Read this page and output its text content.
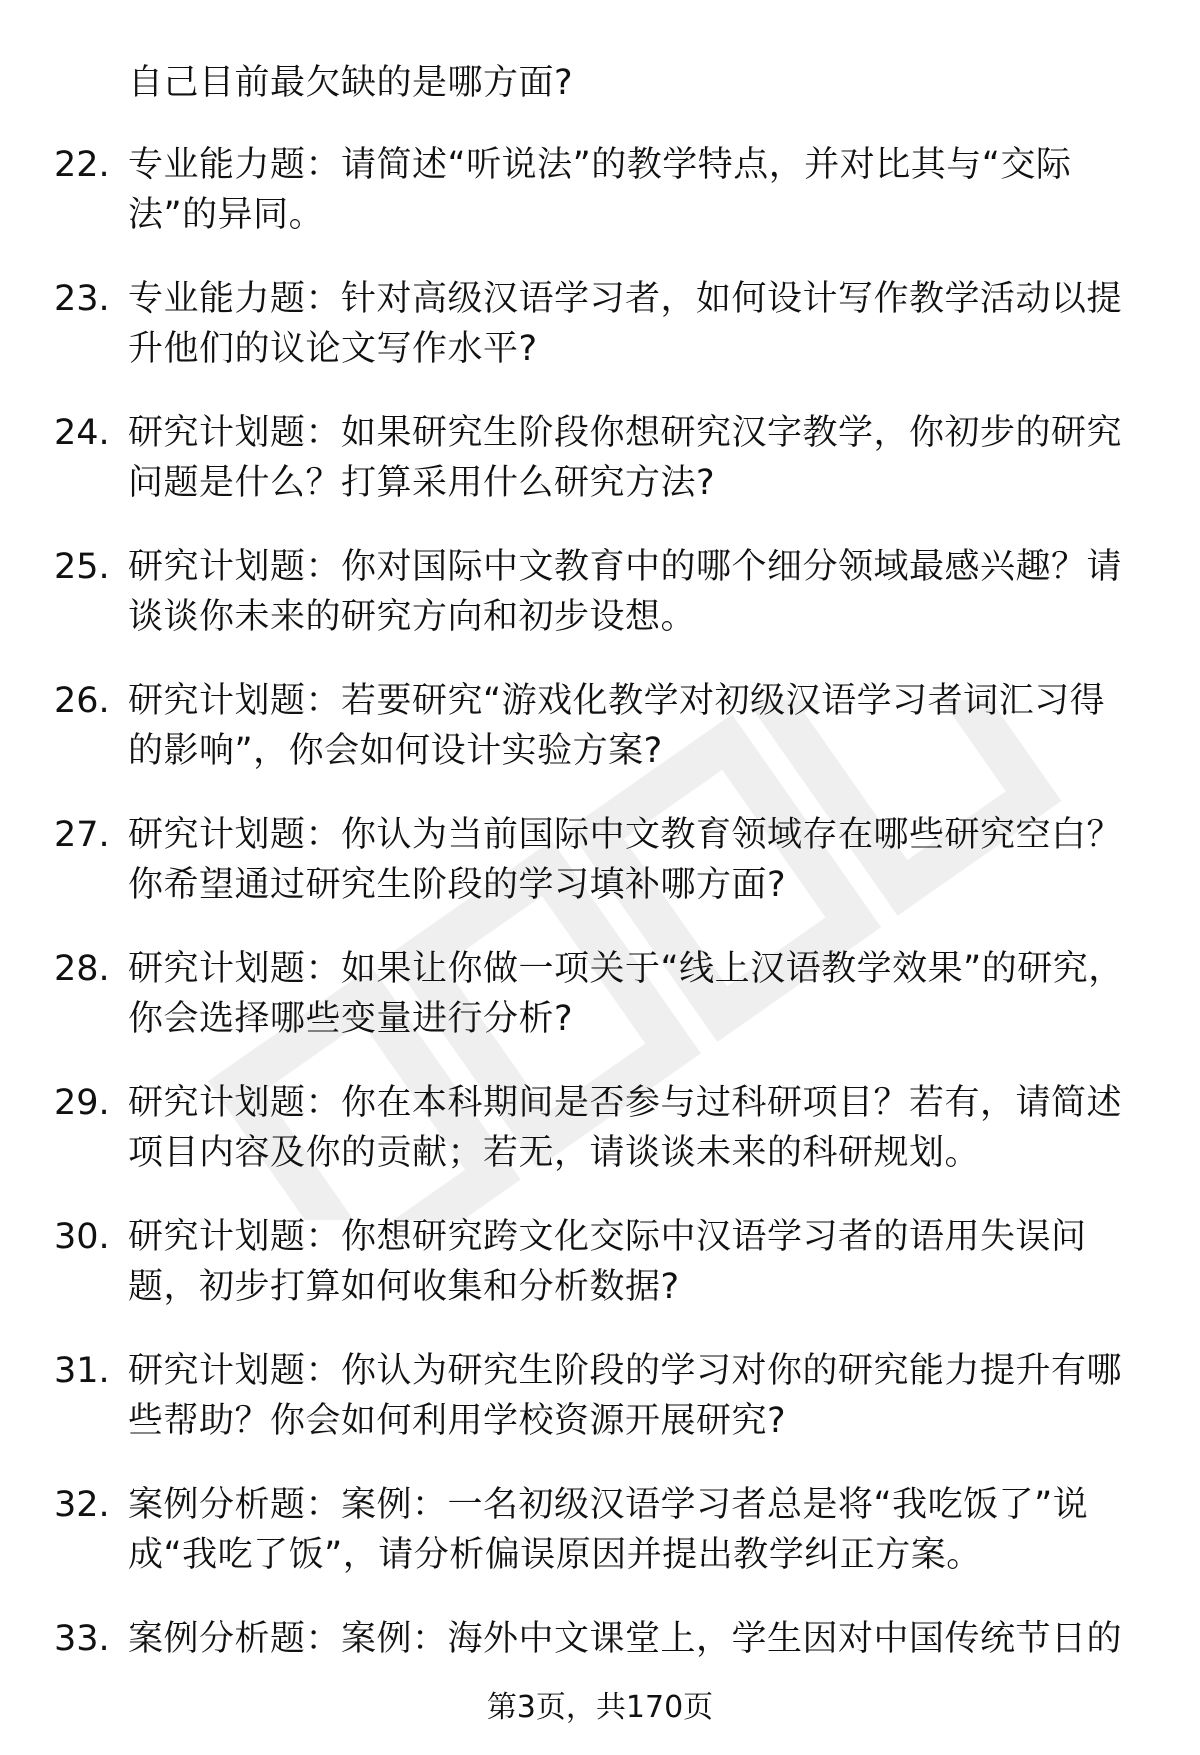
自己目前最欠缺的是哪方面?
22. 专业能力题：请简述“听说法”的教学特点，并对比其与“交际法”的异同。
23. 专业能力题：针对高级汉语学习者，如何设计写作教学活动以提升他们的议论文写作水平?
24. 研究计划题：如果研究生阶段你想研究汉字教学，你初步的研究问题是什么？打算采用什么研究方法?
25. 研究计划题：你对国际中文教育中的哪个细分领域最感兴趣？请谈谈你未来的研究方向和初步设想。
26. 研究计划题：若要研究“游戏化教学对初级汉语学习者词汇习得的影响”，你会如何设计实验方案?
27. 研究计划题：你认为当前国际中文教育领域存在哪些研究空白？你希望通过研究生阶段的学习填补哪方面?
28. 研究计划题：如果让你做一项关于“线上汉语教学效果”的研究，你会选择哪些变量进行分析?
29. 研究计划题：你在本科期间是否参与过科研项目？若有，请简述项目内容及你的贡献；若无，请谈谈未来的科研规划。
30. 研究计划题：你想研究跨文化交际中汉语学习者的语用失误问题，初步打算如何收集和分析数据?
31. 研究计划题：你认为研究生阶段的学习对你的研究能力提升有哪些帮助？你会如何利用学校资源开展研究?
32. 案例分析题：案例：一名初级汉语学习者总是将“我吃饭了”说成“我吃了饭”，请分析偏误原因并提出教学纠正方案。
33. 案例分析题：案例：海外中文课堂上，学生因对中国传统节日的
第3页，共170页
